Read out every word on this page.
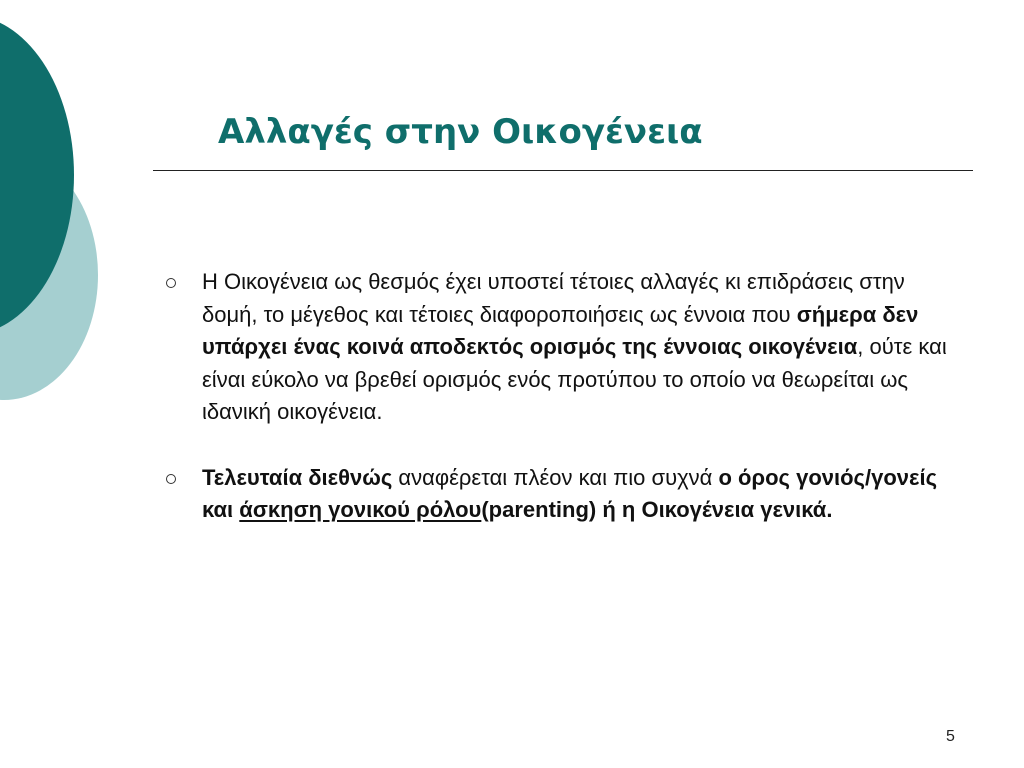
Αλλαγές στην Οικογένεια
Η Οικογένεια ως θεσμός έχει υποστεί τέτοιες αλλαγές κι επιδράσεις στην δομή, το μέγεθος και τέτοιες διαφοροποιήσεις ως έννοια που σήμερα δεν υπάρχει ένας κοινά αποδεκτός ορισμός της έννοιας οικογένεια, ούτε και είναι εύκολο να βρεθεί ορισμός ενός προτύπου το οποίο να θεωρείται ως ιδανική οικογένεια.
Τελευταία διεθνώς αναφέρεται πλέον και πιο συχνά ο όρος γονιός/γονείς και άσκηση γονικού ρόλου(parenting) ή η Οικογένεια γενικά.
5
